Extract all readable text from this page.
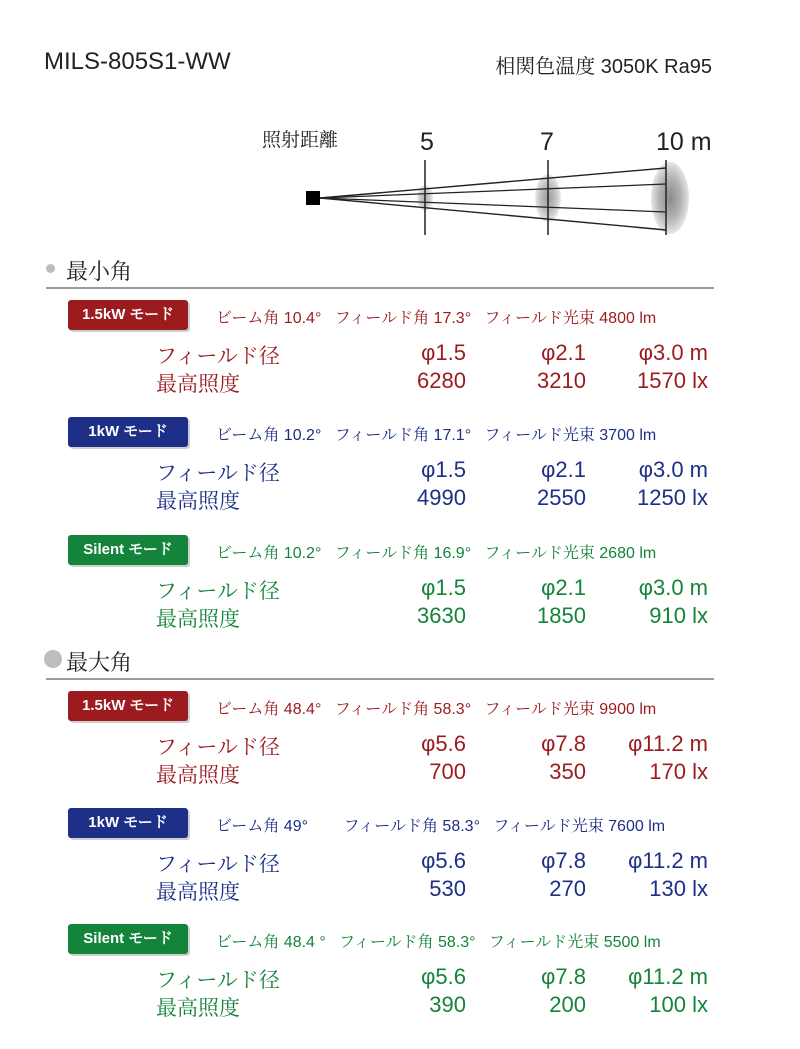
MILS-805S1-WW	相関色温度 3050K Ra95
照射距離	5	7	10 m
最小角
1.5kW モード	ビーム角 10.4° フィールド角 17.3° フィールド光束 4800 lm
フィールド径	φ1.5	φ2.1 φ3.0 m
最高照度	6280	3210 1570 lx
1kW モード	ビーム角 10.2° フィールド角 17.1° フィールド光束 3700 lm
フィールド径	φ1.5	φ2.1 φ3.0 m
最高照度	4990	2550 1250 lx
Silent モード	ビーム角 10.2° フィールド角 16.9° フィールド光束 2680 lm
フィールド径	φ1.5	φ2.1 φ3.0 m
最高照度	3630	1850	910 lx
最大角
1.5kW モード	ビーム角 48.4° フィールド角 58.3° フィールド光束 9900 lm
フィールド径	φ5.6	φ7.8 φ11.2 m
最高照度	700	350	170 lx
1kW モード	ビーム角 49° フィールド角 58.3° フィールド光束 7600 lm
フィールド径	φ5.6	φ7.8 φ11.2 m
最高照度	530	270	130 lx
Silent モード	ビーム角 48.4 ° フィールド角 58.3° フィールド光束 5500 lm
フィールド径	φ5.6	φ7.8 φ11.2 m
最高照度	390	200	100 lx
